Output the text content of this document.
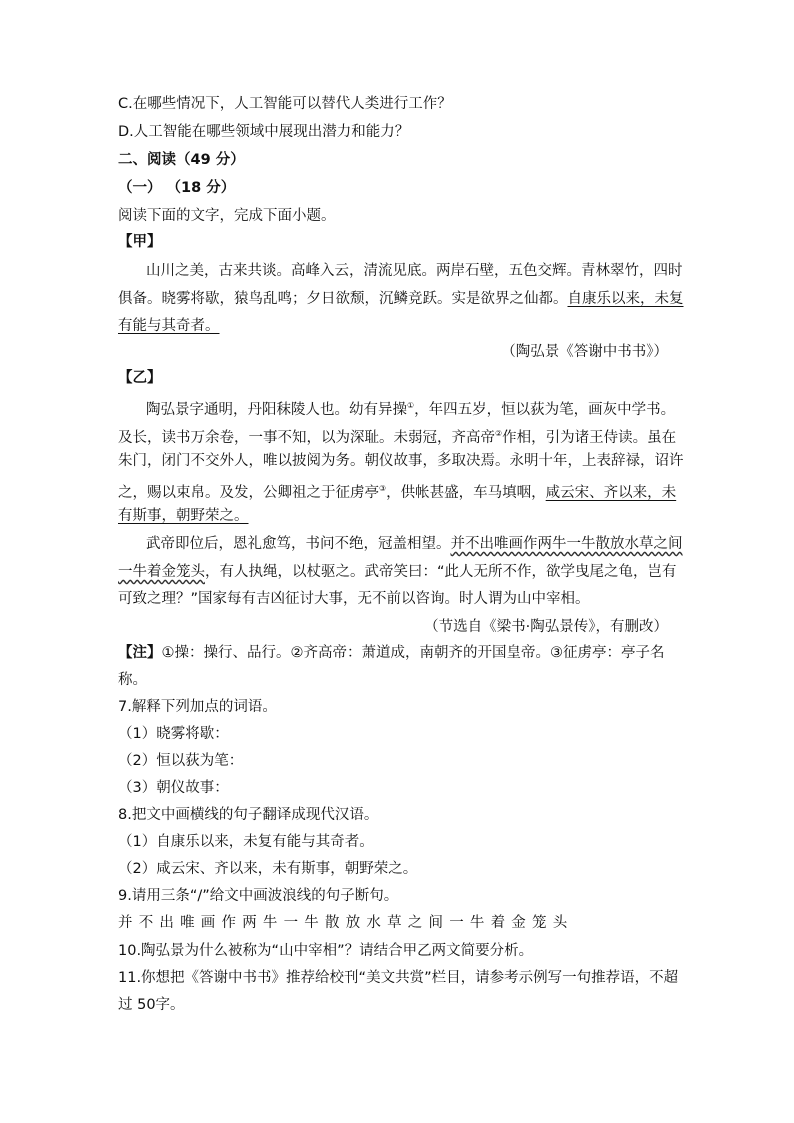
C.在哪些情况下，人工智能可以替代人类进行工作？
D.人工智能在哪些领域中展现出潜力和能力？
二、阅读（49 分）
（一） （18 分）
阅读下面的文字，完成下面小题。
【甲】
山川之美，古来共谈。高峰入云，清流见底。两岸石壁，五色交辉。青林翠竹，四时
俱备。晓雾将歇，猿鸟乱鸣；夕日欲颓，沉鳞竞跃。实是欲界之仙都。自康乐以来，未复
有能与其奇者。
（陶弘景《答谢中书书》）
【乙】
陶弘景字通明，丹阳秣陵人也。幼有异操①，年四五岁，恒以荻为笔，画灰中学书。
及长，读书万余卷，一事不知，以为深耻。未弱冠，齐高帝②作相，引为诸王侍读。虽在
朱门，闭门不交外人，唯以披阅为务。朝仪故事，多取决焉。永明十年，上表辞禄，诏许
之，赐以束帛。及发，公卿祖之于征虏亭③，供帐甚盛，车马填咽，咸云宋、齐以来，未
有斯事，朝野荣之。
武帝即位后，恩礼愈笃，书问不绝，冠盖相望。并不出唯画作两牛一牛散放水草之间
一牛着金笼头，有人执绳，以杖驱之。武帝笑曰：“此人无所不作，欲学曳尾之龟，岂有
可致之理？”国家每有吉凶征讨大事，无不前以咨询。时人谓为山中宰相。
（节选自《梁书·陶弘景传》，有删改）
【注】①操：操行、品行。②齐高帝：萧道成，南朝齐的开国皇帝。③征虏亭：亭子名
称。
7.解释下列加点的词语。
（1）晓雾将歇：
（2）恒以荻为笔：
（3）朝仪故事：
8.把文中画横线的句子翻译成现代汉语。
（1）自康乐以来，未复有能与其奇者。
（2）咸云宋、齐以来，未有斯事，朝野荣之。
9.请用三条“/”给文中画波浪线的句子断句。
并不出唯画作两牛一牛散放水草之间一牛着金笼头
10.陶弘景为什么被称为“山中宰相”？请结合甲乙两文简要分析。
11.你想把《答谢中书书》推荐给校刊“美文共赏”栏目，请参考示例写一句推荐语，不超
过 50字。
